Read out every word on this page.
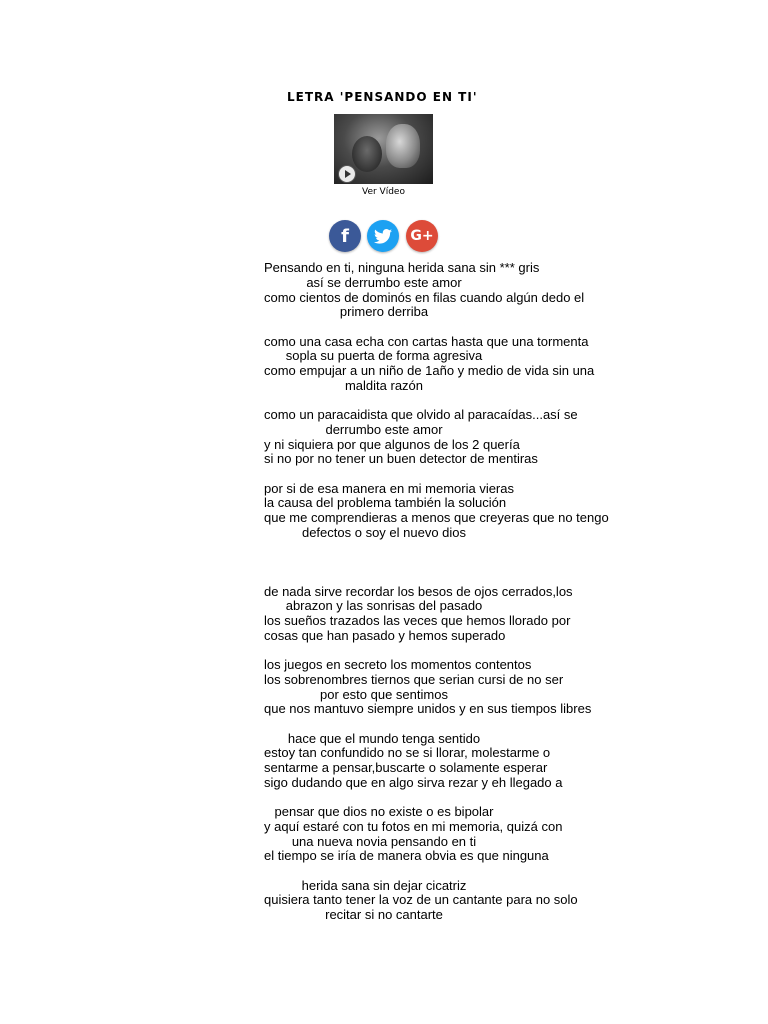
LETRA 'PENSANDO EN TI'
Ver Vídeo
f	G+

Pensando en ti, ninguna herida sana sin *** gris

así se derrumbo este amor

como cientos de dominós en filas cuando algún dedo el

primero derriba

como una casa echa con cartas hasta que una tormenta

sopla su puerta de forma agresiva

como empujar a un niño de 1año y medio de vida sin una

maldita razón

como un paracaidista que olvido al paracaídas...así se

derrumbo este amor

y ni siquiera por que algunos de los 2 quería

si no por no tener un buen detector de mentiras

por si de esa manera en mi memoria vieras

la causa del problema también la solución

que me comprendieras a menos que creyeras que no tengo

defectos o soy el nuevo dios

de nada sirve recordar los besos de ojos cerrados,los

abrazon y las sonrisas del pasado

los sueños trazados las veces que hemos llorado por

cosas que han pasado y hemos superado

los juegos en secreto los momentos contentos

los sobrenombres tiernos que serian cursi de no ser

por esto que sentimos

que nos mantuvo siempre unidos y en sus tiempos libres

hace que el mundo tenga sentido

estoy tan confundido no se si llorar, molestarme o

sentarme a pensar,buscarte o solamente esperar

sigo dudando que en algo sirva rezar y eh llegado a

pensar que dios no existe o es bipolar

y aquí estaré con tu fotos en mi memoria, quizá con

una nueva novia pensando en ti

el tiempo se iría de manera obvia es que ninguna

herida sana sin dejar cicatriz

quisiera tanto tener la voz de un cantante para no solo

recitar si no cantarte
